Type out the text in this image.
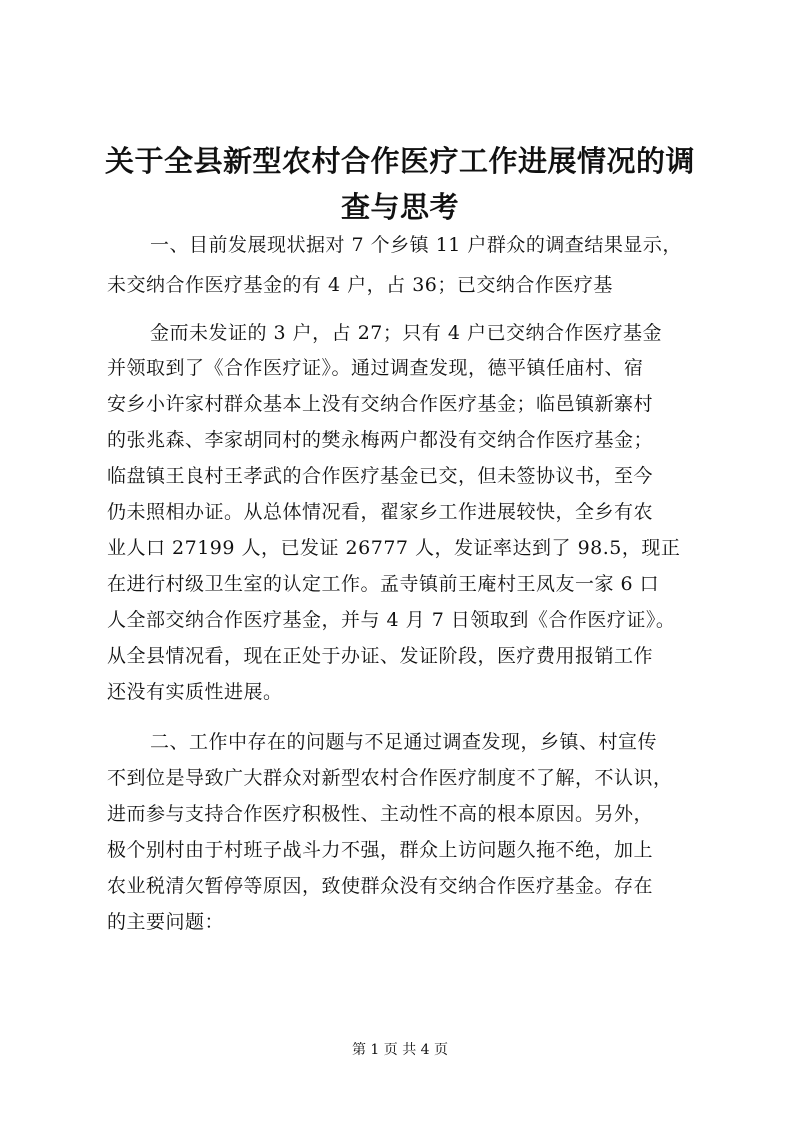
关于全县新型农村合作医疗工作进展情况的调
查与思考
一、目前发展现状据对 7 个乡镇 11 户群众的调查结果显示，
未交纳合作医疗基金的有 4 户，占 36；已交纳合作医疗基
金而未发证的 3 户，占 27；只有 4 户已交纳合作医疗基金
并领取到了《合作医疗证》。通过调查发现，德平镇任庙村、宿
安乡小许家村群众基本上没有交纳合作医疗基金；临邑镇新寨村
的张兆森、李家胡同村的樊永梅两户都没有交纳合作医疗基金；
临盘镇王良村王孝武的合作医疗基金已交，但未签协议书，至今
仍未照相办证。从总体情况看，翟家乡工作进展较快，全乡有农
业人口 27199 人，已发证 26777 人，发证率达到了 98.5，现正
在进行村级卫生室的认定工作。孟寺镇前王庵村王凤友一家 6 口
人全部交纳合作医疗基金，并与 4 月 7 日领取到《合作医疗证》。
从全县情况看，现在正处于办证、发证阶段，医疗费用报销工作
还没有实质性进展。
二、工作中存在的问题与不足通过调查发现，乡镇、村宣传
不到位是导致广大群众对新型农村合作医疗制度不了解，不认识，
进而参与支持合作医疗积极性、主动性不高的根本原因。另外，
极个别村由于村班子战斗力不强，群众上访问题久拖不绝，加上
农业税清欠暂停等原因，致使群众没有交纳合作医疗基金。存在
的主要问题：
第 1 页 共 4 页
